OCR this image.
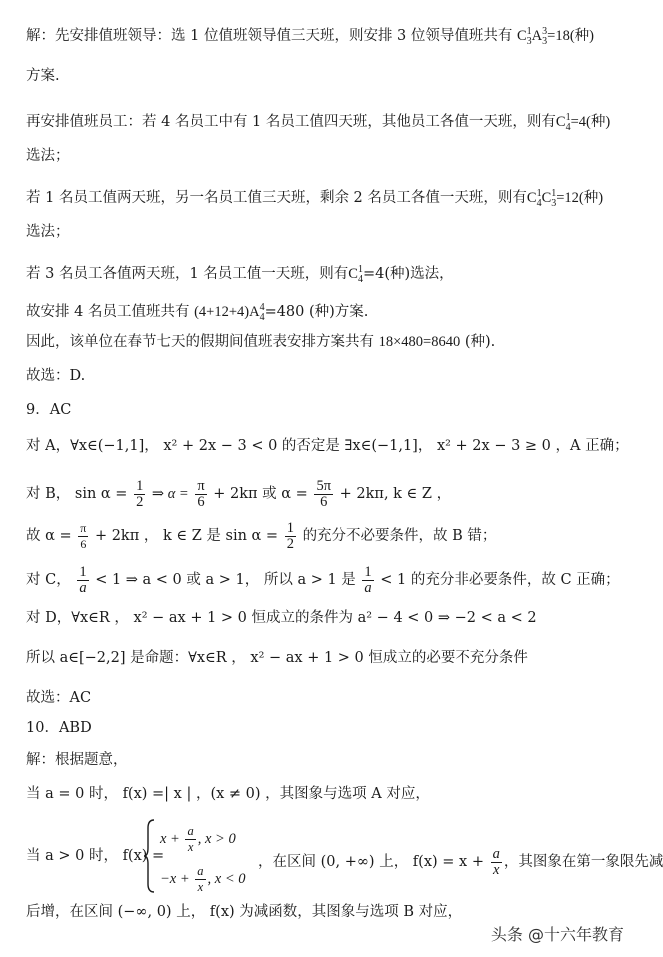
解：先安排值班领导：选 1 位值班领导值三天班，则安排 3 位领导值班共有 $C^1_3A^3_3=18$(种)
方案.
再安排值班员工：若 4 名员工中有 1 名员工值四天班，其他员工各值一天班，则有$C^1_4=4$(种)
选法；
若 1 名员工值两天班，另一名员工值三天班，剩余 2 名员工各值一天班，则有$C^1_4C^1_3=12$(种)
选法；
若 3 名员工各值两天班，1 名员工值一天班，则有$C^1_4=4$(种)选法，
故安排 4 名员工值班共有 $(4+12+4)A^4_4=480$ (种)方案.
因此，该单位在春节七天的假期间值班表安排方案共有 18×480=8640 (种).
故选：D.
9．AC
对 A，∀x∈(−1,1]， x² + 2x − 3 < 0 的否定是 ∃x∈(−1,1]， x² + 2x − 3 ≥ 0 ，A 正确；
对 B， $\sin \alpha = \frac{1}{2}$ ⇒ $\alpha = \frac{\pi}{6} + 2k\pi$ 或 $\alpha = \frac{5\pi}{6} + 2k\pi$, k ∈ Z ，
故 $\alpha = \frac{\pi}{6} + 2k\pi$ ， k ∈ Z 是 $\sin \alpha = \frac{1}{2}$ 的充分不必要条件，故 B 错；
对 C， $\frac{1}{a} < 1$ ⇒ a < 0 或 a > 1， 所以 a > 1 是 $\frac{1}{a} < 1$ 的充分非必要条件，故 C 正确；
对 D，∀x∈R ， x² − ax + 1 > 0 恒成立的条件为 a² − 4 < 0 ⇒ −2 < a < 2
所以 a∈[−2,2] 是命题：∀x∈R ， x² − ax + 1 > 0 恒成立的必要不充分条件
故选：AC
10．ABD
解：根据题意，
当 a = 0 时， f(x) =| x | ，(x ≠ 0) ，其图象与选项 A 对应，
当 a > 0 时， f(x) =
$x + \frac{a}{x}$ , x > 0
$-x + \frac{a}{x}$ , x < 0
，在区间 (0, +∞) 上， $f(x) = x + \frac{a}{x}$ ，其图象在第一象限先减
后增，在区间 (−∞, 0) 上， f(x) 为减函数，其图象与选项 B 对应，
头条 @十六年教育
